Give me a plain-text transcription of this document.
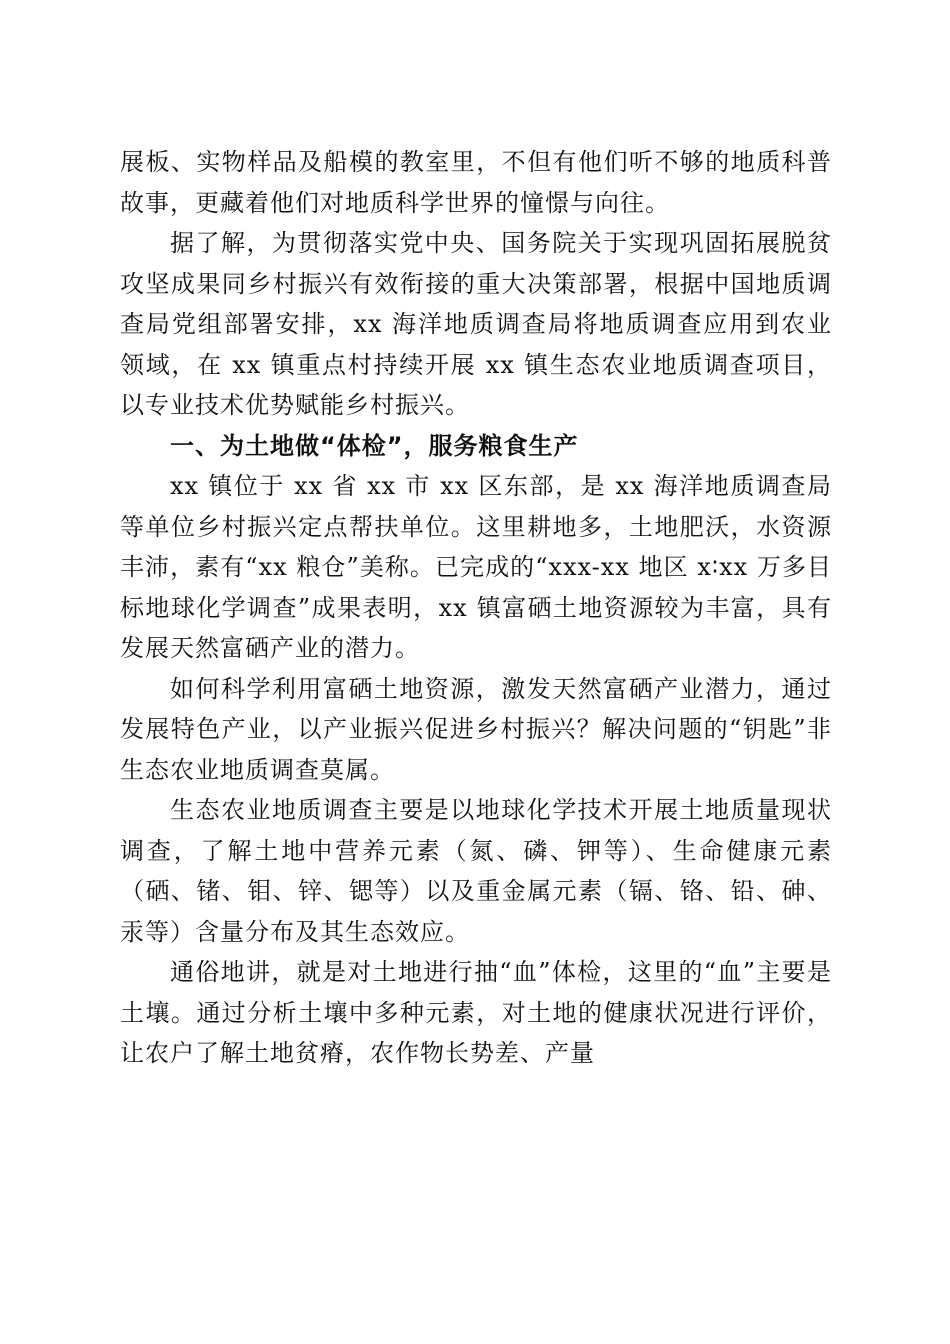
展板、实物样品及船模的教室里，不但有他们听不够的地质科普故事，更藏着他们对地质科学世界的憧憬与向往。

据了解，为贯彻落实党中央、国务院关于实现巩固拓展脱贫攻坚成果同乡村振兴有效衔接的重大决策部署，根据中国地质调查局党组部署安排，xx 海洋地质调查局将地质调查应用到农业领域，在 xx 镇重点村持续开展 xx 镇生态农业地质调查项目，以专业技术优势赋能乡村振兴。

一、为土地做“体检”，服务粮食生产

xx 镇位于 xx 省 xx 市 xx 区东部，是 xx 海洋地质调查局等单位乡村振兴定点帮扶单位。这里耕地多，土地肥沃，水资源丰沛，素有“xx 粮仓”美称。已完成的“xxx-xx 地区 x∶xx 万多目标地球化学调查”成果表明，xx 镇富硒土地资源较为丰富，具有发展天然富硒产业的潜力。

如何科学利用富硒土地资源，激发天然富硒产业潜力，通过发展特色产业，以产业振兴促进乡村振兴？解决问题的“钥匙”非生态农业地质调查莫属。

生态农业地质调查主要是以地球化学技术开展土地质量现状调查，了解土地中营养元素（氮、磷、钾等）、生命健康元素（硒、锗、钼、锌、锶等）以及重金属元素（镉、铬、铅、砷、汞等）含量分布及其生态效应。

通俗地讲，就是对土地进行抽“血”体检，这里的“血”主要是土壤。通过分析土壤中多种元素，对土地的健康状况进行评价，让农户了解土地贫瘠，农作物长势差、产量
